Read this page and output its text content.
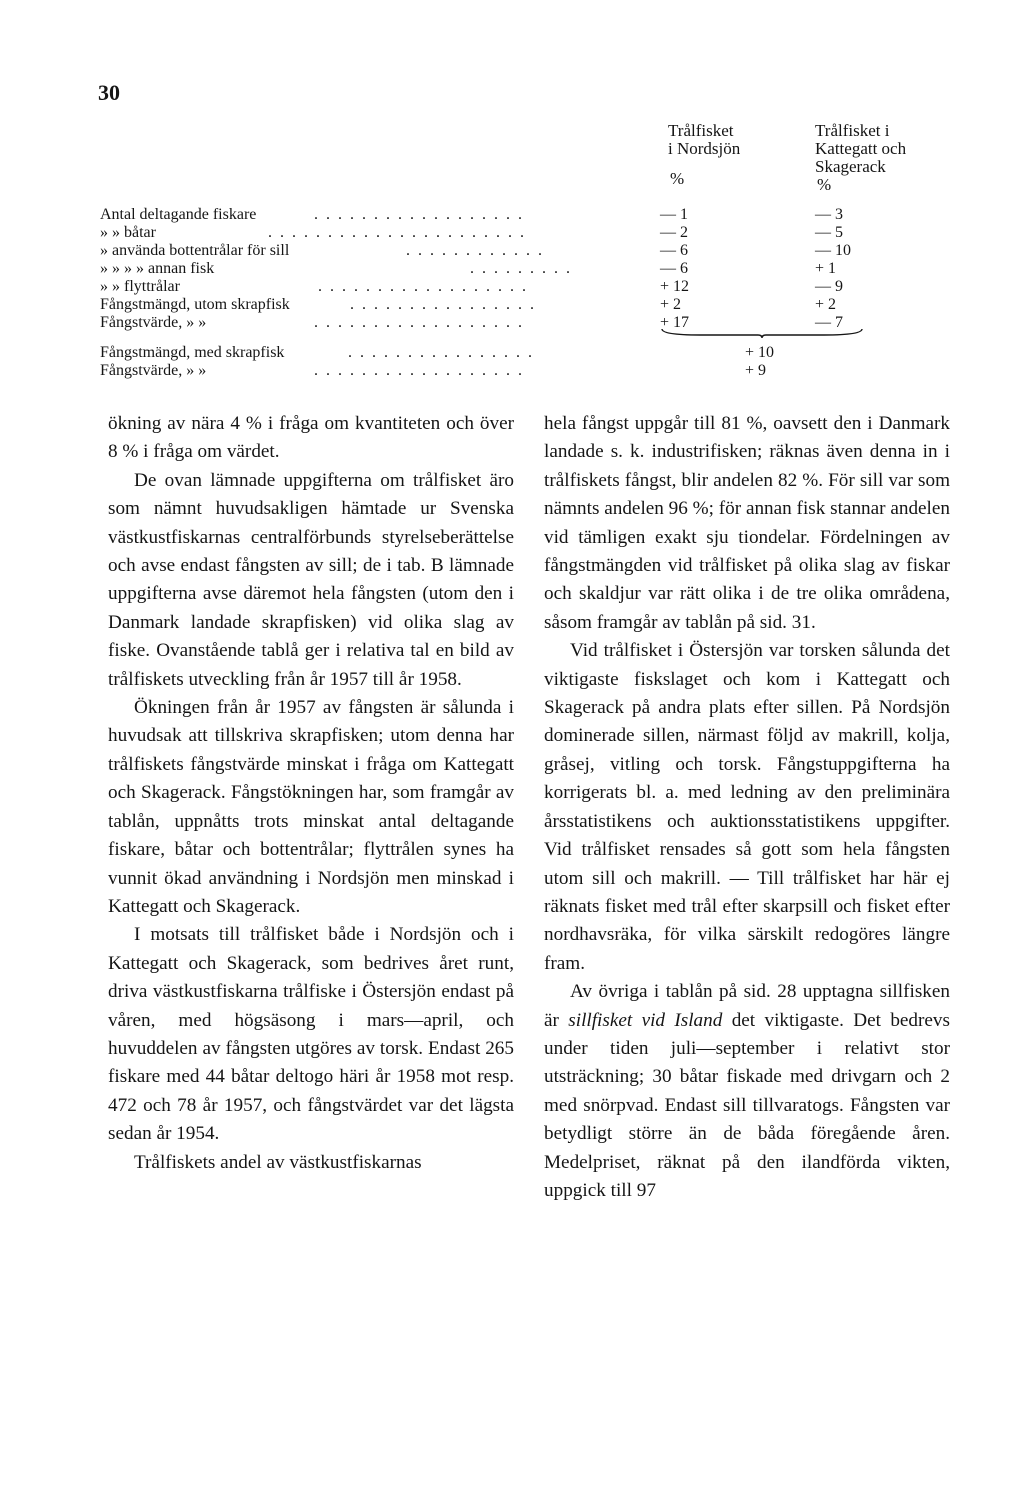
30
Trålfisket
i Nordsjön
%
Trålfisket i
Kattegatt och
Skagerack
%
Antal deltagande fiskare	. . . . . . . . . . . . . . . . . .	— 1	— 3
» » båtar	. . . . . . . . . . . . . . . . . . . . . .	— 2	— 5
» använda bottentrålar för sill	. . . . . . . . . . . .	— 6	— 10
» » » » annan fisk	. . . . . . . . .	— 6	+ 1
» » flyttrålar	. . . . . . . . . . . . . . . . . .	+ 12	— 9
Fångstmängd, utom skrapfisk	. . . . . . . . . . . . . . . .	+ 2	+ 2
Fångstvärde, » »	. . . . . . . . . . . . . . . . . .	+ 17	— 7
Fångstmängd, med skrapfisk	. . . . . . . . . . . . . . . .	+ 10
Fångstvärde, » »	. . . . . . . . . . . . . . . . . .	+ 9

ökning av nära 4 % i fråga om kvantiteten och över 8 % i fråga om värdet.

De ovan lämnade uppgifterna om trålfisket äro som nämnt huvudsakligen hämtade ur Svenska västkustfiskarnas centralförbunds styrelseberättelse och avse endast fångsten av sill; de i tab. B lämnade uppgifterna avse däremot hela fångsten (utom den i Danmark landade skrapfisken) vid olika slag av fiske. Ovanstående tablå ger i relativa tal en bild av trålfiskets utveckling från år 1957 till år 1958.

Ökningen från år 1957 av fångsten är sålunda i huvudsak att tillskriva skrapfisken; utom denna har trålfiskets fångstvärde minskat i fråga om Kattegatt och Skagerack. Fångstökningen har, som framgår av tablån, uppnåtts trots minskat antal deltagande fiskare, båtar och bottentrålar; flyttrålen synes ha vunnit ökad användning i Nordsjön men minskad i Kattegatt och Skagerack.

I motsats till trålfisket både i Nordsjön och i Kattegatt och Skagerack, som bedrives året runt, driva västkustfiskarna trålfiske i Östersjön endast på våren, med högsäsong i mars—april, och huvuddelen av fångsten utgöres av torsk. Endast 265 fiskare med 44 båtar deltogo häri år 1958 mot resp. 472 och 78 år 1957, och fångstvärdet var det lägsta sedan år 1954.

Trålfiskets andel av västkustfiskarnas

hela fångst uppgår till 81 %, oavsett den i Danmark landade s. k. industrifisken; räknas även denna in i trålfiskets fångst, blir andelen 82 %. För sill var som nämnts andelen 96 %; för annan fisk stannar andelen vid tämligen exakt sju tiondelar. Fördelningen av fångstmängden vid trålfisket på olika slag av fiskar och skaldjur var rätt olika i de tre olika områdena, såsom framgår av tablån på sid. 31.

Vid trålfisket i Östersjön var torsken sålunda det viktigaste fiskslaget och kom i Kattegatt och Skagerack på andra plats efter sillen. På Nordsjön dominerade sillen, närmast följd av makrill, kolja, gråsej, vitling och torsk. Fångstuppgifterna ha korrigerats bl. a. med ledning av den preliminära årsstatistikens och auktionsstatistikens uppgifter. Vid trålfisket rensades så gott som hela fångsten utom sill och makrill. — Till trålfisket har här ej räknats fisket med trål efter skarpsill och fisket efter nordhavsräka, för vilka särskilt redogöres längre fram.

Av övriga i tablån på sid. 28 upptagna sillfisken är sillfisket vid Island det viktigaste. Det bedrevs under tiden juli—september i relativt stor utsträckning; 30 båtar fiskade med drivgarn och 2 med snörpvad. Endast sill tillvaratogs. Fångsten var betydligt större än de båda föregående åren. Medelpriset, räknat på den ilandförda vikten, uppgick till 97
